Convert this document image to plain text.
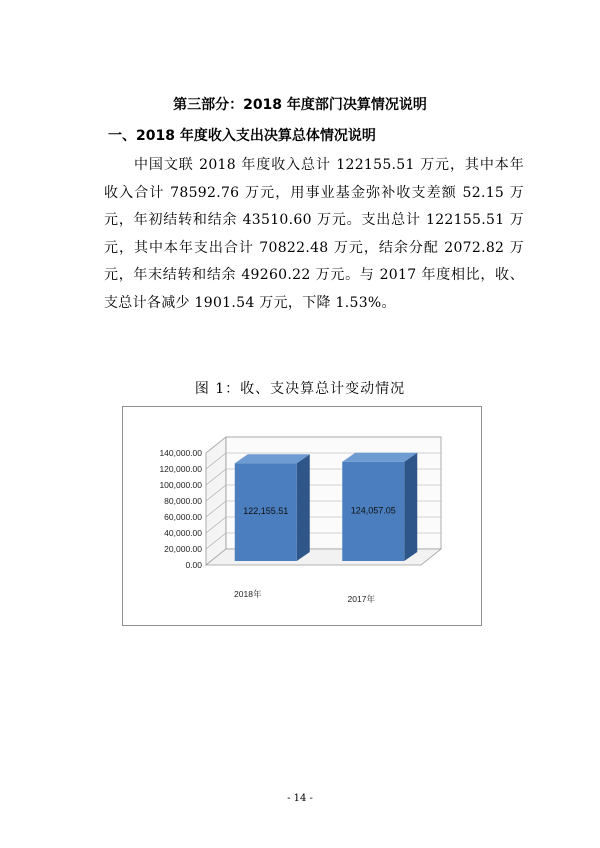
第三部分：2018 年度部门决算情况说明
一、2018 年度收入支出决算总体情况说明

中国文联 2018 年度收入总计 122155.51 万元，其中本年收入合计 78592.76 万元，用事业基金弥补收支差额 52.15 万元，年初结转和结余 43510.60 万元。支出总计 122155.51 万元，其中本年支出合计 70822.48 万元，结余分配 2072.82 万元，年末结转和结余 49260.22 万元。与 2017 年度相比，收、支总计各减少 1901.54 万元，下降 1.53%。

图 1：收、支决算总计变动情况
0.00
20,000.00
40,000.00
60,000.00
80,000.00
100,000.00
120,000.00
140,000.00
122,155.51
2018年
124,057.05
2017年
- 14 -
